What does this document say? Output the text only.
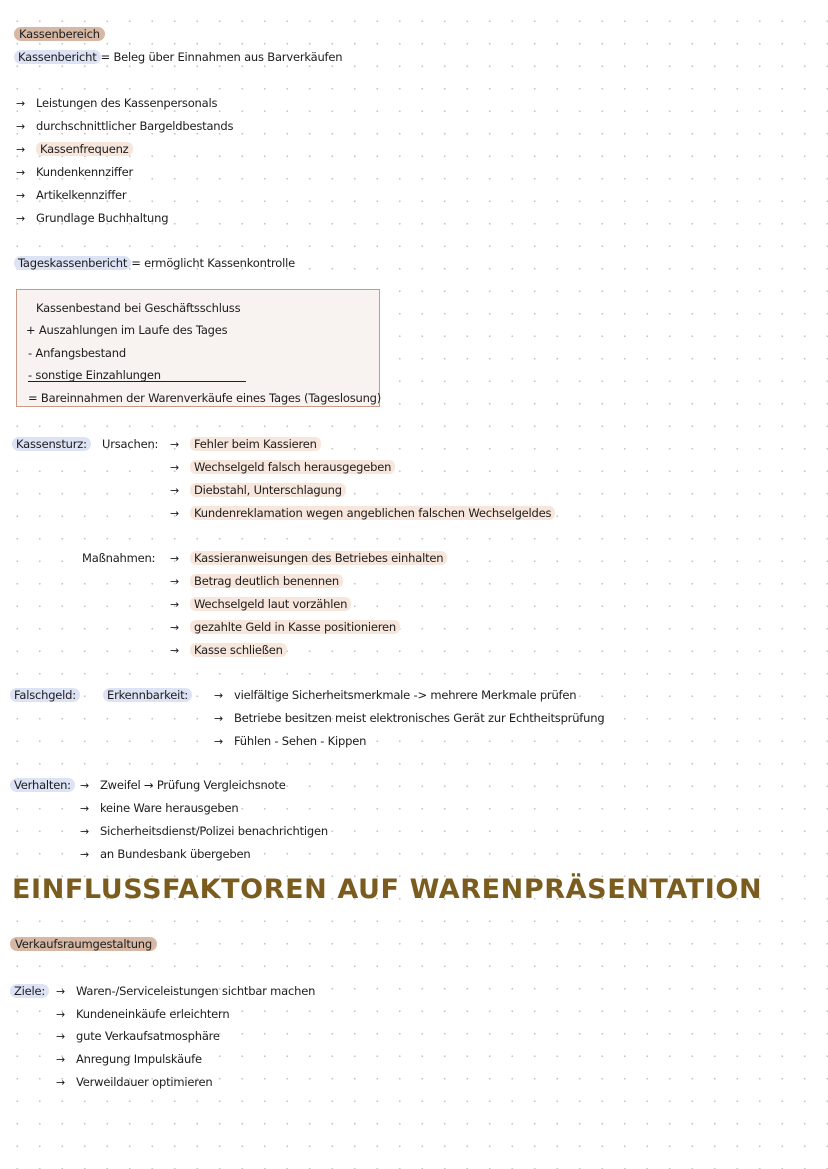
Kassenbereich
Kassenbericht = Beleg über Einnahmen aus Barverkäufen
→ Leistungen des Kassenpersonals
→ durchschnittlicher Bargeldbestands
→ Kassenfrequenz
→ Kundenkennziffer
→ Artikelkennziffer
→ Grundlage Buchhaltung
Tageskassenbericht = ermöglicht Kassenkontrolle
Kassenbestand bei Geschäftsschluss
+ Auszahlungen im Laufe des Tages
- Anfangsbestand
- sonstige Einzahlungen
= Bareinnahmen der Warenverkäufe eines Tages (Tageslosung)
Kassensturz:	Ursachen: → Fehler beim Kassieren
→ Wechselgeld falsch herausgegeben
→ Diebstahl, Unterschlagung
→ Kundenreklamation wegen angeblichen falschen Wechselgeldes
Maßnahmen: → Kassieranweisungen des Betriebes einhalten
→ Betrag deutlich benennen
→ Wechselgeld laut vorzählen
→ gezahlte Geld in Kasse positionieren
→ Kasse schließen
Falschgeld:	Erkennbarkeit:	→ vielfältige Sicherheitsmerkmale -> mehrere Merkmale prüfen
→ Betriebe besitzen meist elektronisches Gerät zur Echtheitsprüfung
→ Fühlen - Sehen - Kippen
Verhalten: → Zweifel → Prüfung Vergleichsnote
→ keine Ware herausgeben
→ Sicherheitsdienst/Polizei benachrichtigen
→ an Bundesbank übergeben
EINFLUSSFAKTOREN AUF WARENPRÄSENTATION
Verkaufsraumgestaltung
Ziele: → Waren-/Serviceleistungen sichtbar machen
→ Kundeneinkäufe erleichtern
→ gute Verkaufsatmosphäre
→ Anregung Impulskäufe
→ Verweildauer optimieren
